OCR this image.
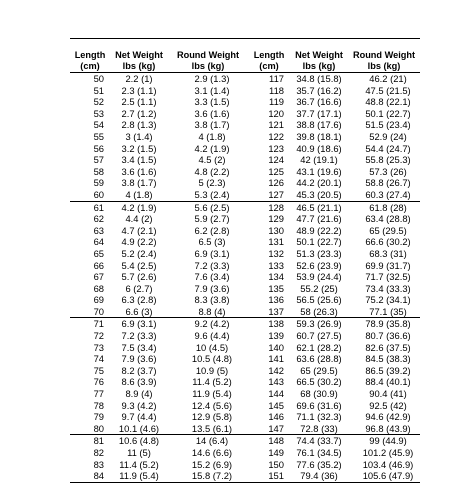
Length	Net Weight	Round Weight	Length	Net Weight	Round Weight
(cm)	lbs (kg)	lbs (kg)	(cm)	lbs (kg)	lbs (kg)
50	2.2 (1)	2.9 (1.3)	117	34.8 (15.8)	46.2 (21)
51	2.3 (1.1)	3.1 (1.4)	118	35.7 (16.2)	47.5 (21.5)
52	2.5 (1.1)	3.3 (1.5)	119	36.7 (16.6)	48.8 (22.1)
53	2.7 (1.2)	3.6 (1.6)	120	37.7 (17.1)	50.1 (22.7)
54	2.8 (1.3)	3.8 (1.7)	121	38.8 (17.6)	51.5 (23.4)
55	3 (1.4)	4 (1.8)	122	39.8 (18.1)	52.9 (24)
56	3.2 (1.5)	4.2 (1.9)	123	40.9 (18.6)	54.4 (24.7)
57	3.4 (1.5)	4.5 (2)	124	42 (19.1)	55.8 (25.3)
58	3.6 (1.6)	4.8 (2.2)	125	43.1 (19.6)	57.3 (26)
59	3.8 (1.7)	5 (2.3)	126	44.2 (20.1)	58.8 (26.7)
60	4 (1.8)	5.3 (2.4)	127	45.3 (20.5)	60.3 (27.4)
61	4.2 (1.9)	5.6 (2.5)	128	46.5 (21.1)	61.8 (28)
62	4.4 (2)	5.9 (2.7)	129	47.7 (21.6)	63.4 (28.8)
63	4.7 (2.1)	6.2 (2.8)	130	48.9 (22.2)	65 (29.5)
64	4.9 (2.2)	6.5 (3)	131	50.1 (22.7)	66.6 (30.2)
65	5.2 (2.4)	6.9 (3.1)	132	51.3 (23.3)	68.3 (31)
66	5.4 (2.5)	7.2 (3.3)	133	52.6 (23.9)	69.9 (31.7)
67	5.7 (2.6)	7.6 (3.4)	134	53.9 (24.4)	71.7 (32.5)
68	6 (2.7)	7.9 (3.6)	135	55.2 (25)	73.4 (33.3)
69	6.3 (2.8)	8.3 (3.8)	136	56.5 (25.6)	75.2 (34.1)
70	6.6 (3)	8.8 (4)	137	58 (26.3)	77.1 (35)
71	6.9 (3.1)	9.2 (4.2)	138	59.3 (26.9)	78.9 (35.8)
72	7.2 (3.3)	9.6 (4.4)	139	60.7 (27.5)	80.7 (36.6)
73	7.5 (3.4)	10 (4.5)	140	62.1 (28.2)	82.6 (37.5)
74	7.9 (3.6)	10.5 (4.8)	141	63.6 (28.8)	84.5 (38.3)
75	8.2 (3.7)	10.9 (5)	142	65 (29.5)	86.5 (39.2)
76	8.6 (3.9)	11.4 (5.2)	143	66.5 (30.2)	88.4 (40.1)
77	8.9 (4)	11.9 (5.4)	144	68 (30.9)	90.4 (41)
78	9.3 (4.2)	12.4 (5.6)	145	69.6 (31.6)	92.5 (42)
79	9.7 (4.4)	12.9 (5.8)	146	71.1 (32.3)	94.6 (42.9)
80	10.1 (4.6)	13.5 (6.1)	147	72.8 (33)	96.8 (43.9)
81	10.6 (4.8)	14 (6.4)	148	74.4 (33.7)	99 (44.9)
82	11 (5)	14.6 (6.6)	149	76.1 (34.5)	101.2 (45.9)
83	11.4 (5.2)	15.2 (6.9)	150	77.6 (35.2)	103.4 (46.9)
84	11.9 (5.4)	15.8 (7.2)	151	79.4 (36)	105.6 (47.9)
